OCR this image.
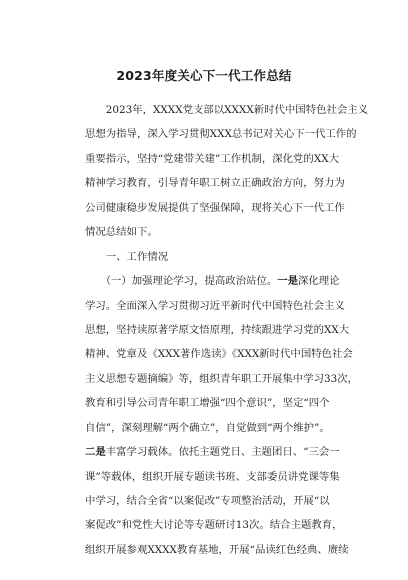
2023年度关心下一代工作总结
　　2023年，XXXX党支部以XXXX新时代中国特色社会主义
思想为指导，深入学习贯彻XXX总书记对关心下一代工作的
重要指示，坚持“党建带关建”工作机制，深化党的XX大
精神学习教育，引导青年职工树立正确政治方向，努力为
公司健康稳步发展提供了坚强保障，现将关心下一代工作
情况总结如下。
　　一、工作情况
　　（一）加强理论学习，提高政治站位。一是深化理论
学习。全面深入学习贯彻习近平新时代中国特色社会主义
思想，坚持读原著学原文悟原理，持续跟进学习党的XX大
精神、党章及《XXX著作选读》《XXX新时代中国特色社会
主义思想专题摘编》等，组织青年职工开展集中学习33次，
教育和引导公司青年职工增强“四个意识”，坚定“四个
自信”，深刻理解“两个确立”，自觉做到“两个维护”。
二是丰富学习载体。依托主题党日、主题团日、“三会一
课”等载体，组织开展专题读书班、支部委员讲党课等集
中学习，结合全省“以案促改”专项整治活动，开展“以
案促改”和党性大讨论等专题研讨13次。结合主题教育，
组织开展参观XXXX教育基地，开展“品读红色经典、赓续
